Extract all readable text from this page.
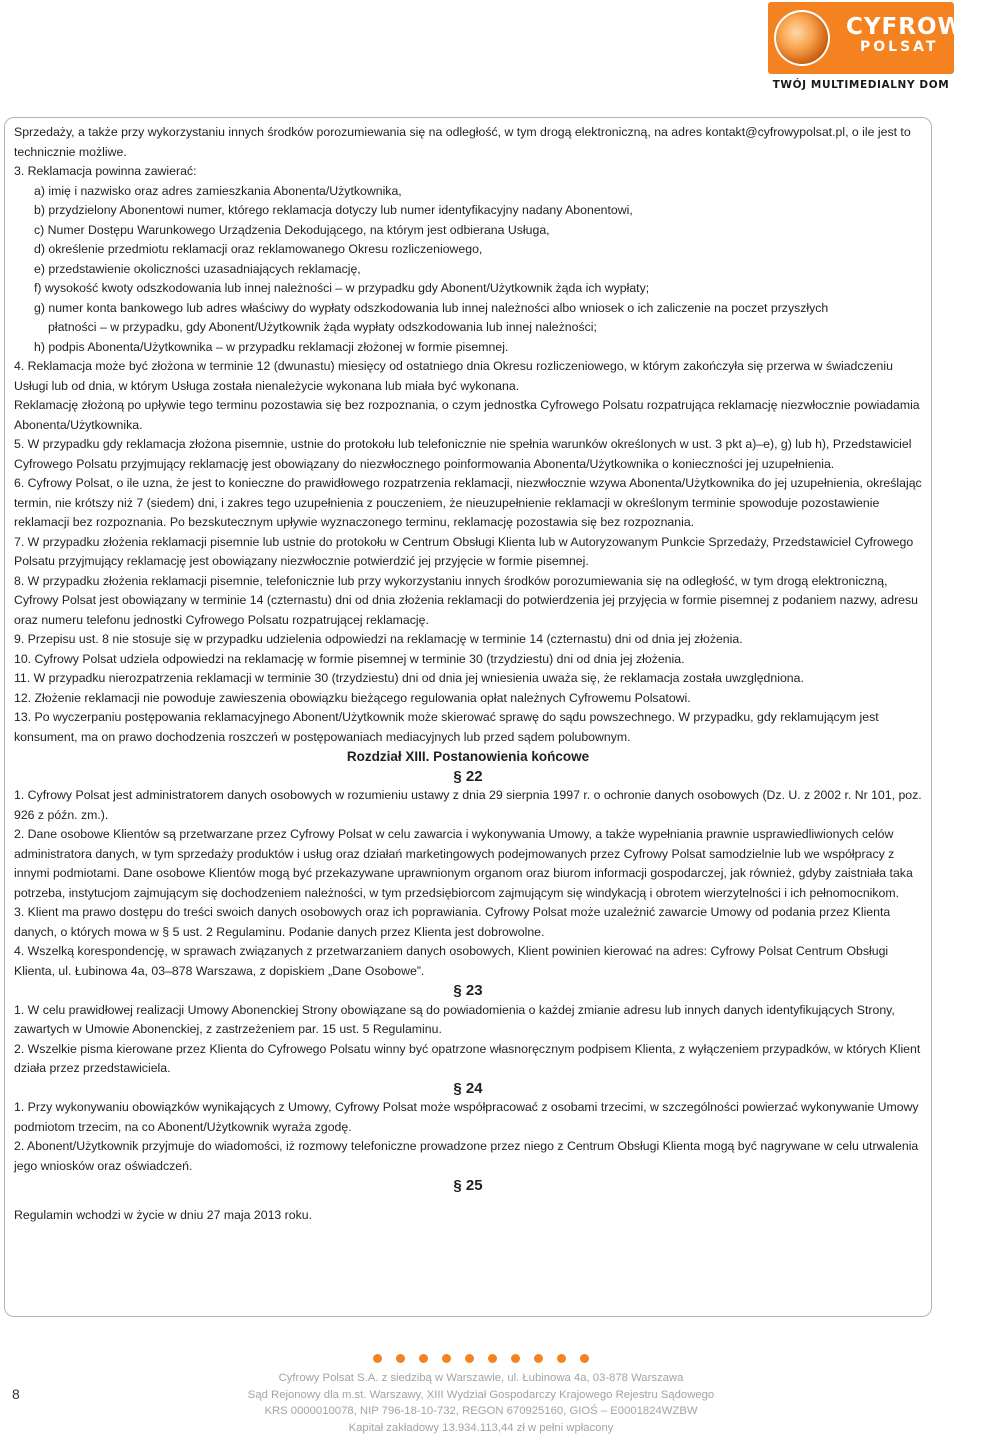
CYFROWY
POLSAT
TWÓJ MULTIMEDIALNY DOM

Sprzedaży, a także przy wykorzystaniu innych środków porozumiewania się na odległość, w tym drogą elektroniczną, na adres kontakt@cyfrowypolsat.pl, o ile jest to technicznie możliwe.

3. Reklamacja powinna zawierać:

a) imię i nazwisko oraz adres zamieszkania Abonenta/Użytkownika,

b) przydzielony Abonentowi numer, którego reklamacja dotyczy lub numer identyfikacyjny nadany Abonentowi,

c) Numer Dostępu Warunkowego Urządzenia Dekodującego, na którym jest odbierana Usługa,

d) określenie przedmiotu reklamacji oraz reklamowanego Okresu rozliczeniowego,

e) przedstawienie okoliczności uzasadniających reklamację,

f) wysokość kwoty odszkodowania lub innej należności – w przypadku gdy Abonent/Użytkownik żąda ich wypłaty;

g) numer konta bankowego lub adres właściwy do wypłaty odszkodowania lub innej należności albo wniosek o ich zaliczenie na poczet przyszłych

płatności – w przypadku, gdy Abonent/Użytkownik żąda wypłaty odszkodowania lub innej należności;

h) podpis Abonenta/Użytkownika – w przypadku reklamacji złożonej w formie pisemnej.

4. Reklamacja może być złożona w terminie 12 (dwunastu) miesięcy od ostatniego dnia Okresu rozliczeniowego, w którym zakończyła się przerwa w świadczeniu Usługi lub od dnia, w którym Usługa została nienależycie wykonana lub miała być wykonana.

Reklamację złożoną po upływie tego terminu pozostawia się bez rozpoznania, o czym jednostka Cyfrowego Polsatu rozpatrująca reklamację niezwłocznie powiadamia Abonenta/Użytkownika.

5. W przypadku gdy reklamacja złożona pisemnie, ustnie do protokołu lub telefonicznie nie spełnia warunków określonych w ust. 3 pkt a)–e), g) lub h), Przedstawiciel Cyfrowego Polsatu przyjmujący reklamację jest obowiązany do niezwłocznego poinformowania Abonenta/Użytkownika o konieczności jej uzupełnienia.

6. Cyfrowy Polsat, o ile uzna, że jest to konieczne do prawidłowego rozpatrzenia reklamacji, niezwłocznie wzywa Abonenta/Użytkownika do jej uzupełnienia, określając termin, nie krótszy niż 7 (siedem) dni, i zakres tego uzupełnienia z pouczeniem, że nieuzupełnienie reklamacji w określonym terminie spowoduje pozostawienie reklamacji bez rozpoznania. Po bezskutecznym upływie wyznaczonego terminu, reklamację pozostawia się bez rozpoznania.

7. W przypadku złożenia reklamacji pisemnie lub ustnie do protokołu w Centrum Obsługi Klienta lub w Autoryzowanym Punkcie Sprzedaży, Przedstawiciel Cyfrowego Polsatu przyjmujący reklamację jest obowiązany niezwłocznie potwierdzić jej przyjęcie w formie pisemnej.

8. W przypadku złożenia reklamacji pisemnie, telefonicznie lub przy wykorzystaniu innych środków porozumiewania się na odległość, w tym drogą elektroniczną, Cyfrowy Polsat jest obowiązany w terminie 14 (czternastu) dni od dnia złożenia reklamacji do potwierdzenia jej przyjęcia w formie pisemnej z podaniem nazwy, adresu oraz numeru telefonu jednostki Cyfrowego Polsatu rozpatrującej reklamację.

9. Przepisu ust. 8 nie stosuje się w przypadku udzielenia odpowiedzi na reklamację w terminie 14 (czternastu) dni od dnia jej złożenia.

10. Cyfrowy Polsat udziela odpowiedzi na reklamację w formie pisemnej w terminie 30 (trzydziestu) dni od dnia jej złożenia.

11. W przypadku nierozpatrzenia reklamacji w terminie 30 (trzydziestu) dni od dnia jej wniesienia uważa się, że reklamacja została uwzględniona.

12. Złożenie reklamacji nie powoduje zawieszenia obowiązku bieżącego regulowania opłat należnych Cyfrowemu Polsatowi.

13. Po wyczerpaniu postępowania reklamacyjnego Abonent/Użytkownik może skierować sprawę do sądu powszechnego. W przypadku, gdy reklamującym jest konsument, ma on prawo dochodzenia roszczeń w postępowaniach mediacyjnych lub przed sądem polubownym.

Rozdział XIII. Postanowienia końcowe

§ 22

1. Cyfrowy Polsat jest administratorem danych osobowych w rozumieniu ustawy z dnia 29 sierpnia 1997 r. o ochronie danych osobowych (Dz. U. z 2002 r. Nr 101, poz. 926 z późn. zm.).

2. Dane osobowe Klientów są przetwarzane przez Cyfrowy Polsat w celu zawarcia i wykonywania Umowy, a także wypełniania prawnie usprawiedliwionych celów administratora danych, w tym sprzedaży produktów i usług oraz działań marketingowych podejmowanych przez Cyfrowy Polsat samodzielnie lub we współpracy z innymi podmiotami. Dane osobowe Klientów mogą być przekazywane uprawnionym organom oraz biurom informacji gospodarczej, jak również, gdyby zaistniała taka potrzeba, instytucjom zajmującym się dochodzeniem należności, w tym przedsiębiorcom zajmującym się windykacją i obrotem wierzytelności i ich pełnomocnikom.

3. Klient ma prawo dostępu do treści swoich danych osobowych oraz ich poprawiania. Cyfrowy Polsat może uzależnić zawarcie Umowy od podania przez Klienta danych, o których mowa w § 5 ust. 2 Regulaminu. Podanie danych przez Klienta jest dobrowolne.

4. Wszelką korespondencję, w sprawach związanych z przetwarzaniem danych osobowych, Klient powinien kierować na adres: Cyfrowy Polsat Centrum Obsługi Klienta, ul. Łubinowa 4a, 03–878 Warszawa, z dopiskiem „Dane Osobowe”.

§ 23

1. W celu prawidłowej realizacji Umowy Abonenckiej Strony obowiązane są do powiadomienia o każdej zmianie adresu lub innych danych identyfikujących Strony, zawartych w Umowie Abonenckiej, z zastrzeżeniem par. 15 ust. 5 Regulaminu.

2. Wszelkie pisma kierowane przez Klienta do Cyfrowego Polsatu winny być opatrzone własnoręcznym podpisem Klienta, z wyłączeniem przypadków, w których Klient działa przez przedstawiciela.

§ 24

1. Przy wykonywaniu obowiązków wynikających z Umowy, Cyfrowy Polsat może współpracować z osobami trzecimi, w szczególności powierzać wykonywanie Umowy podmiotom trzecim, na co Abonent/Użytkownik wyraża zgodę.

2. Abonent/Użytkownik przyjmuje do wiadomości, iż rozmowy telefoniczne prowadzone przez niego z Centrum Obsługi Klienta mogą być nagrywane w celu utrwalenia jego wniosków oraz oświadczeń.

§ 25

Regulamin wchodzi w życie w dniu 27 maja 2013 roku.

8

Cyfrowy Polsat S.A. z siedzibą w Warszawie, ul. Łubinowa 4a, 03-878 Warszawa

Sąd Rejonowy dla m.st. Warszawy, XIII Wydział Gospodarczy Krajowego Rejestru Sądowego

KRS 0000010078, NIP 796-18-10-732, REGON 670925160, GIOŚ – E0001824WZBW

Kapitał zakładowy 13.934.113,44 zł w pełni wpłacony
